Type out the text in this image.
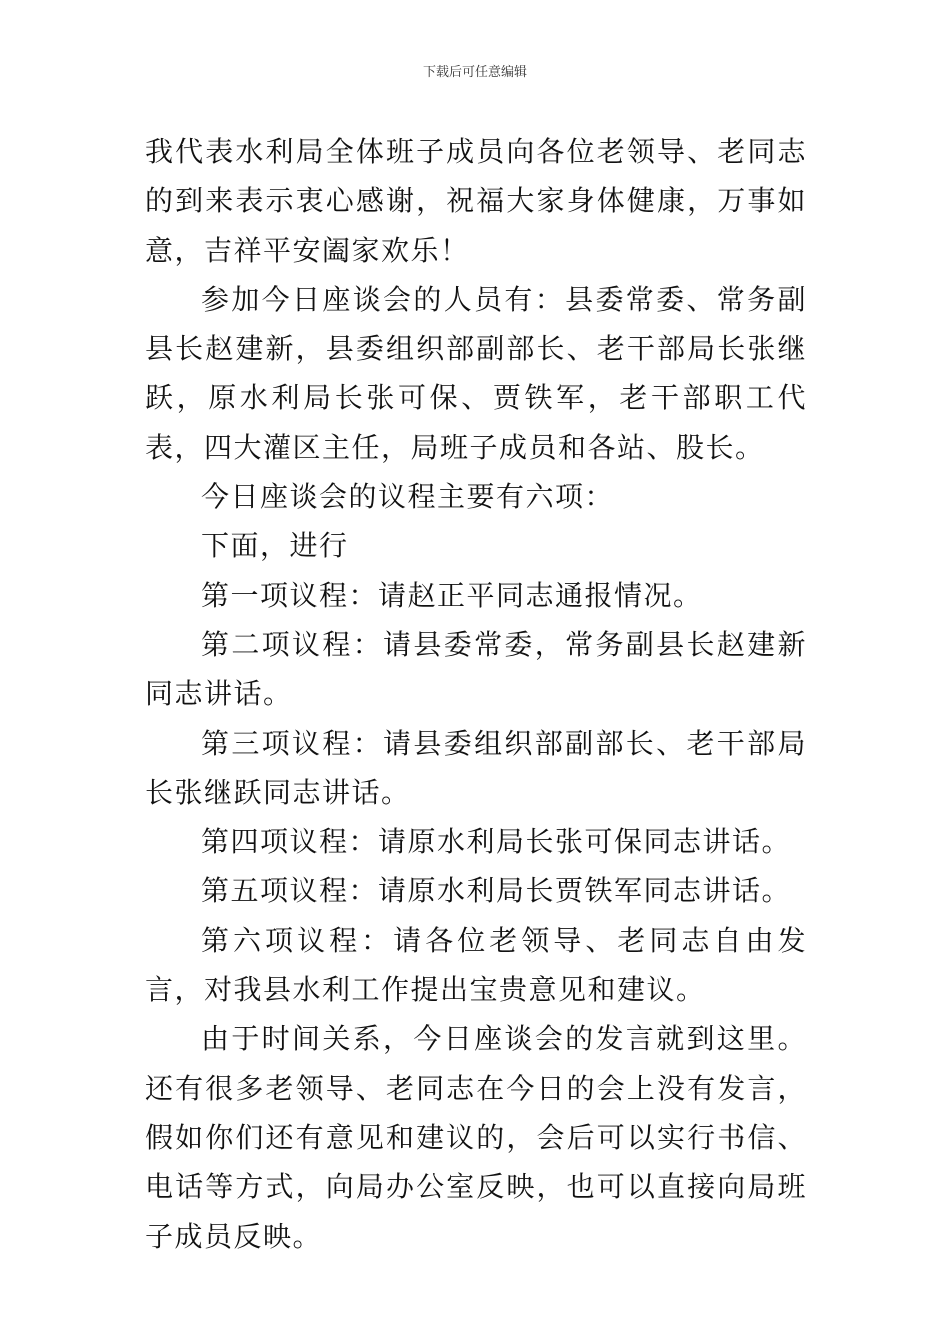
下载后可任意编辑

我代表水利局全体班子成员向各位老领导、老同志的到来表示衷心感谢，祝福大家身体健康，万事如意，吉祥平安阖家欢乐！

参加今日座谈会的人员有：县委常委、常务副县长赵建新，县委组织部副部长、老干部局长张继跃，原水利局长张可保、贾铁军，老干部职工代表，四大灌区主任，局班子成员和各站、股长。

今日座谈会的议程主要有六项：

下面，进行

第一项议程：请赵正平同志通报情况。

第二项议程：请县委常委，常务副县长赵建新同志讲话。

第三项议程：请县委组织部副部长、老干部局长张继跃同志讲话。

第四项议程：请原水利局长张可保同志讲话。

第五项议程：请原水利局长贾铁军同志讲话。

第六项议程：请各位老领导、老同志自由发言，对我县水利工作提出宝贵意见和建议。

由于时间关系，今日座谈会的发言就到这里。还有很多老领导、老同志在今日的会上没有发言，假如你们还有意见和建议的，会后可以实行书信、电话等方式，向局办公室反映，也可以直接向局班子成员反映。
